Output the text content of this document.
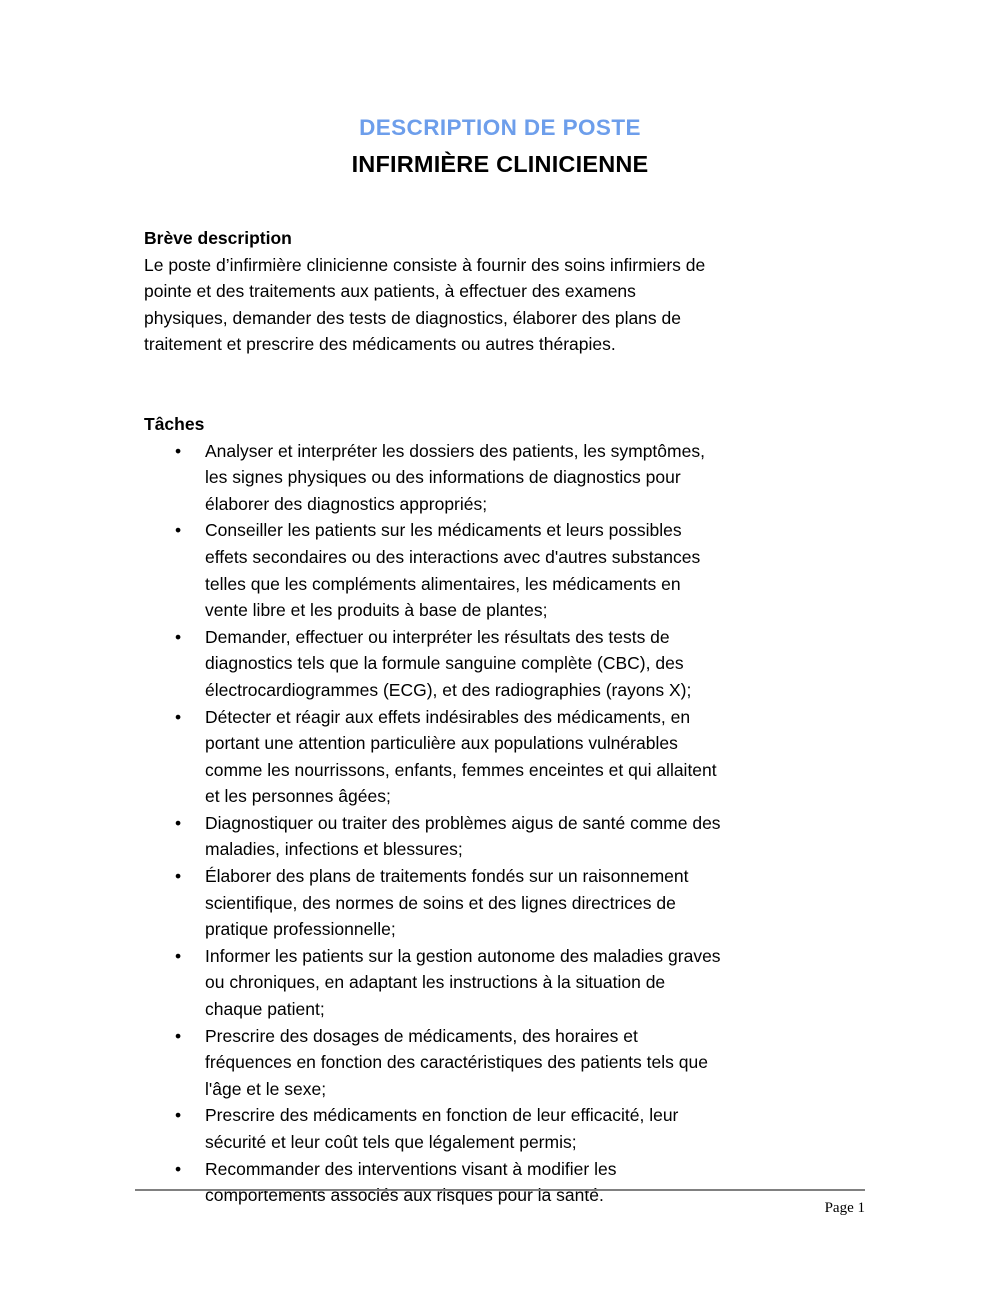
DESCRIPTION DE POSTE
INFIRMIÈRE CLINICIENNE
Brève description

Le poste d’infirmière clinicienne consiste à fournir des soins infirmiers de pointe et des traitements aux patients, à effectuer des examens physiques, demander des tests de diagnostics, élaborer des plans de traitement et prescrire des médicaments ou autres thérapies.

Tâches
• Analyser et interpréter les dossiers des patients, les symptômes, les signes physiques ou des informations de diagnostics pour élaborer des diagnostics appropriés;
• Conseiller les patients sur les médicaments et leurs possibles effets secondaires ou des interactions avec d'autres substances telles que les compléments alimentaires, les médicaments en vente libre et les produits à base de plantes;
• Demander, effectuer ou interpréter les résultats des tests de diagnostics tels que la formule sanguine complète (CBC), des électrocardiogrammes (ECG), et des radiographies (rayons X);
• Détecter et réagir aux effets indésirables des médicaments, en portant une attention particulière aux populations vulnérables comme les nourrissons, enfants, femmes enceintes et qui allaitent et les personnes âgées;
• Diagnostiquer ou traiter des problèmes aigus de santé comme des maladies, infections et blessures;
• Élaborer des plans de traitements fondés sur un raisonnement scientifique, des normes de soins et des lignes directrices de pratique professionnelle;
• Informer les patients sur la gestion autonome des maladies graves ou chroniques, en adaptant les instructions à la situation de chaque patient;
• Prescrire des dosages de médicaments, des horaires et fréquences en fonction des caractéristiques des patients tels que l'âge et le sexe;
• Prescrire des médicaments en fonction de leur efficacité, leur sécurité et leur coût tels que légalement permis;
• Recommander des interventions visant à modifier les comportements associés aux risques pour la santé.
Page 1
